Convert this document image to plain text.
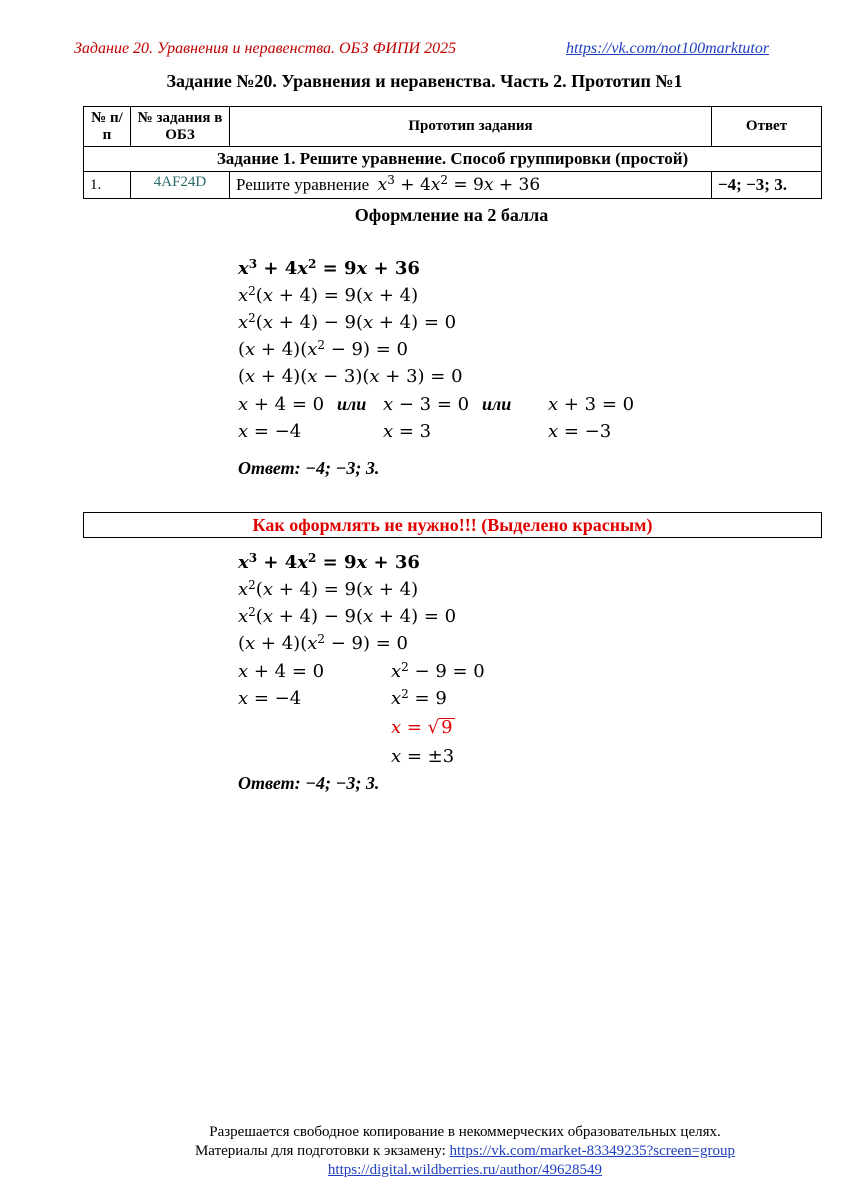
Задание 20. Уравнения и неравенства. ОБЗ ФИПИ 2025	https://vk.com/not100marktutor
Задание №20. Уравнения и неравенства. Часть 2. Прототип №1
№ п/п	№ задания в ОБЗ	Прототип задания	Ответ
Задание 1. Решите уравнение. Способ группировки (простой)			
1.	4AF24D	Решите уравнение $x^3 + 4x^2 = 9x + 36$	−4; −3; 3.
Оформление на 2 балла
$x^3 + 4x^2 = 9x + 36$
$x^2(x + 4) = 9(x + 4)$
$x^2(x + 4) - 9(x + 4) = 0$
$(x + 4)(x^2 - 9) = 0$
(x + 4)(x − 3)(x + 3) = 0
x + 4 = 0 или x − 3 = 0 или x + 3 = 0
x = −4	x = 3	x = −3
Ответ: −4; −3; 3.
Как оформлять не нужно!!! (Выделено красным)
$x^3 + 4x^2 = 9x + 36$
$x^2(x + 4) = 9(x + 4)$
$x^2(x + 4) - 9(x + 4) = 0$
$(x + 4)(x^2 - 9) = 0$
x + 4 = 0	$x^2 - 9 = 0$
x = −4	$x^2 = 9$
x = √ 9
x = ±3
Ответ: −4; −3; 3.
Разрешается свободное копирование в некоммерческих образовательных целях.
Материалы для подготовки к экзамену: https://vk.com/market-83349235?screen=group
https://digital.wildberries.ru/author/49628549
